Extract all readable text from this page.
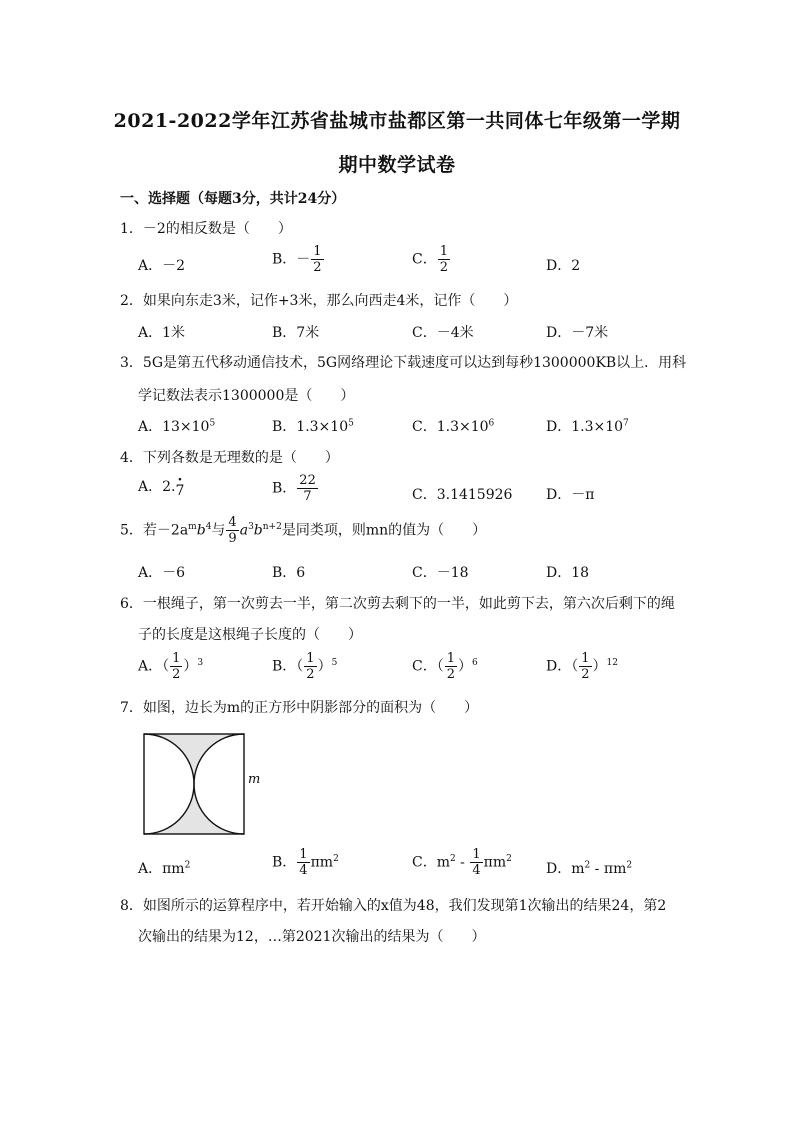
2021-2022学年江苏省盐城市盐都区第一共同体七年级第一学期
期中数学试卷
一、选择题（每题3分，共计24分）
1．－2的相反数是（　　）
A．－2	B．－ $\frac{1}{2}$	C． $\frac{1}{2}$	D．2
2．如果向东走3米，记作+3米，那么向西走4米，记作（　　）
A．1米	B．7米	C．－4米	D．－7米
3．5G是第五代移动通信技术，5G网络理论下载速度可以达到每秒1300000KB以上．用科
学记数法表示1300000是（　　）
A．$13\times 10^5$	B．$1.3\times 10^5$	C．$1.3\times 10^6$	D．$1.3\times 10^7$
4．下列各数是无理数的是（　　）
A．2. ·
7	B． $\frac{22}{7}$	C．3.1415926 D．－π
5．若$-2a^mb^4$与 $\frac{4}{9} a^3b^{n+2}$是同类项，则mn的值为（　　）
A．－6	B．6	C．－18	D．18
6．一根绳子，第一次剪去一半，第二次剪去剩下的一半，如此剪下去，第六次后剩下的绳
子的长度是这根绳子长度的（　　）
A．（ $\frac{1}{2} )^3$	B．（ $\frac{1}{2} )^5$	C．（ $\frac{1}{2} )^6$	D．（ $\frac{1}{2} )^{12}$
7．如图，边长为m的正方形中阴影部分的面积为（　　）
m
A．$\pi m^2$	B． $\frac{1}{4} \pi m^2$	C．$m^2 - \frac{1}{4} \pi m^2$
D．$m^2 - \pi m^2$
8．如图所示的运算程序中，若开始输入的x值为48，我们发现第1次输出的结果24，第2
次输出的结果为12，…第2021次输出的结果为（　　）
